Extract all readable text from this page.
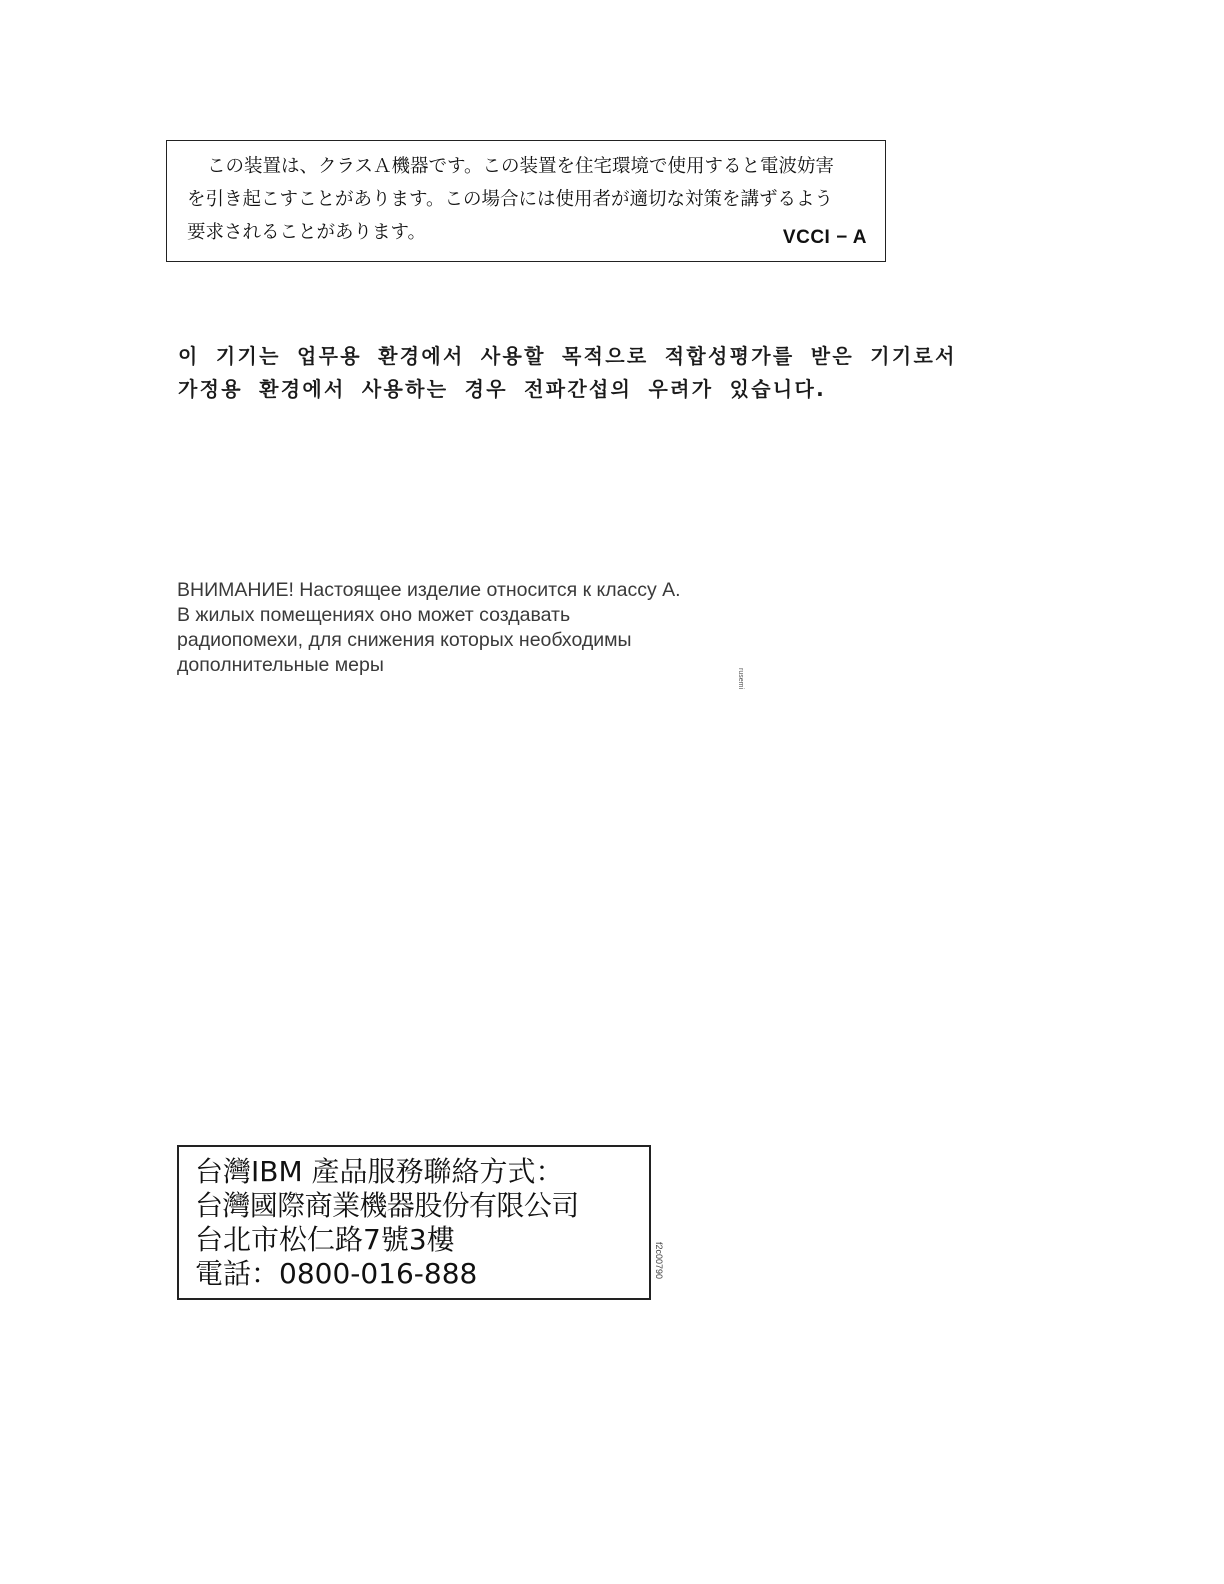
この装置は、クラスＡ機器です。この装置を住宅環境で使用すると電波妨害
を引き起こすことがあります。この場合には使用者が適切な対策を講ずるよう
要求されることがあります。	VCCI − A
이 기기는 업무용 환경에서 사용할 목적으로 적합성평가를 받은 기기로서
가정용 환경에서 사용하는 경우 전파간섭의 우려가 있습니다.
ВНИМАНИЕ! Настоящее изделие относится к классу А.
В жилых помещениях оно может создавать
радиопомехи, для снижения которых необходимы
дополнительные меры
rusemi
台灣IBM 產品服務聯絡方式：
台灣國際商業機器股份有限公司
台北市松仁路7號3樓
電話：0800-016-888	f2c00790
